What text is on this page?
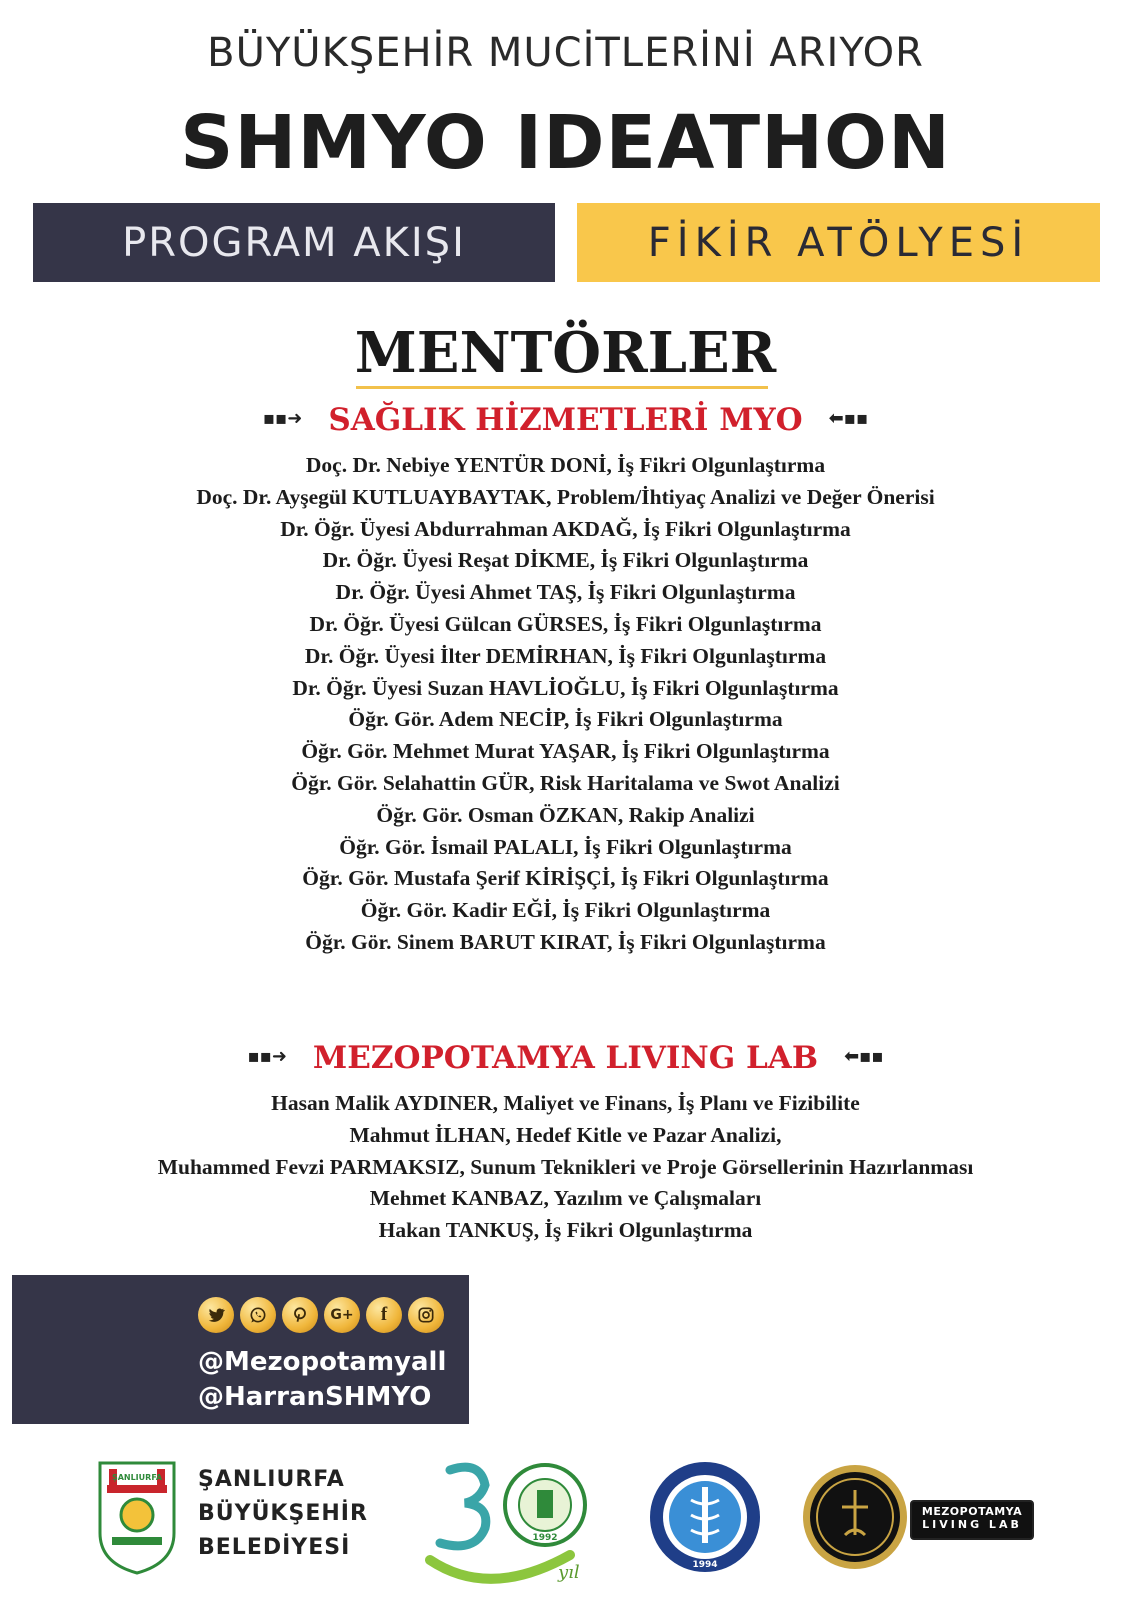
BÜYÜKŞEHİR MUCİTLERİNİ ARIYOR
SHMYO IDEATHON
PROGRAM AKIŞI	FİKİR ATÖLYESİ
MENTÖRLER
▪▪➜ SAĞLIK HİZMETLERİ MYO ⬅▪▪
Doç. Dr. Nebiye YENTÜR DONİ, İş Fikri Olgunlaştırma
Doç. Dr. Ayşegül KUTLUAYBAYTAK, Problem/İhtiyaç Analizi ve Değer Önerisi
Dr. Öğr. Üyesi Abdurrahman AKDAĞ, İş Fikri Olgunlaştırma
Dr. Öğr. Üyesi Reşat DİKME, İş Fikri Olgunlaştırma
Dr. Öğr. Üyesi Ahmet TAŞ, İş Fikri Olgunlaştırma
Dr. Öğr. Üyesi Gülcan GÜRSES, İş Fikri Olgunlaştırma
Dr. Öğr. Üyesi İlter DEMİRHAN, İş Fikri Olgunlaştırma
Dr. Öğr. Üyesi Suzan HAVLİOĞLU, İş Fikri Olgunlaştırma
Öğr. Gör. Adem NECİP, İş Fikri Olgunlaştırma
Öğr. Gör. Mehmet Murat YAŞAR, İş Fikri Olgunlaştırma
Öğr. Gör. Selahattin GÜR, Risk Haritalama ve Swot Analizi
Öğr. Gör. Osman ÖZKAN, Rakip Analizi
Öğr. Gör. İsmail PALALI, İş Fikri Olgunlaştırma
Öğr. Gör. Mustafa Şerif KİRİŞÇİ, İş Fikri Olgunlaştırma
Öğr. Gör. Kadir EĞİ, İş Fikri Olgunlaştırma
Öğr. Gör. Sinem BARUT KIRAT, İş Fikri Olgunlaştırma
▪▪➜ MEZOPOTAMYA LIVING LAB ⬅▪▪
Hasan Malik AYDINER, Maliyet ve Finans, İş Planı ve Fizibilite
Mahmut İLHAN, Hedef Kitle ve Pazar Analizi,
Muhammed Fevzi PARMAKSIZ, Sunum Teknikleri ve Proje Görsellerinin Hazırlanması
Mehmet KANBAZ, Yazılım ve Çalışmaları
Hakan TANKUŞ, İş Fikri Olgunlaştırma
G+ f
@Mezopotamyall
@HarranSHMYO
ŞANLIURFA ŞANLIURFA
BÜYÜKŞEHİR
BELEDİYESİ	1992
yıl	1994
MEZOPOTAMYA
LIVING LAB
